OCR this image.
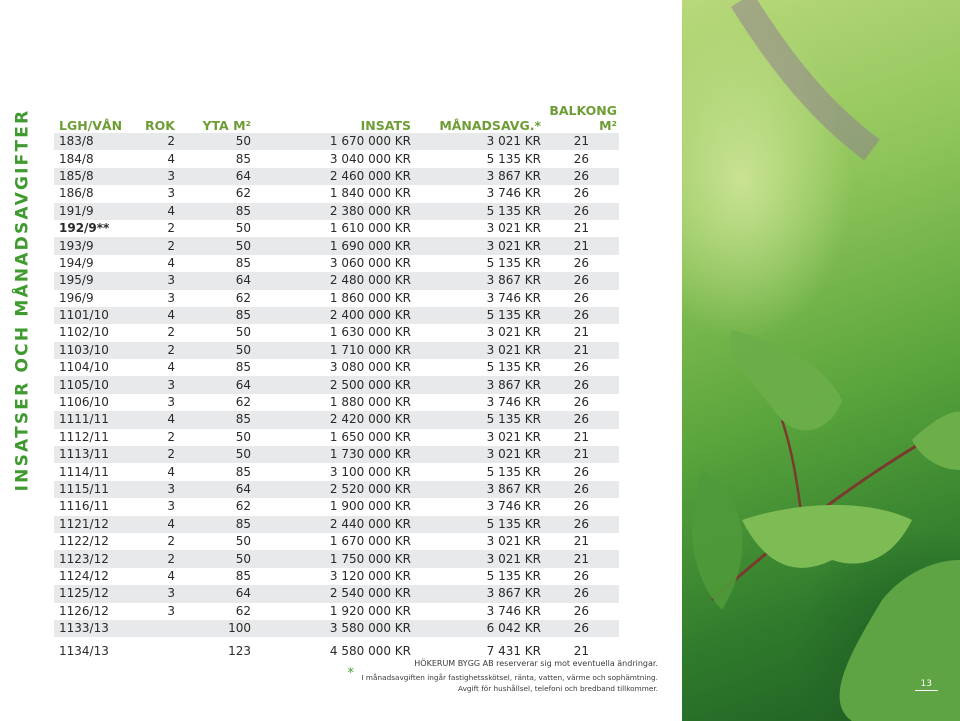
INSATSER OCH MÅNADSAVGIFTER LGH/VÅN	ROK	YTA M²	INSATS	MÅNADSAVG.*	BALKONG M²
183/8	2	50	1 670 000 KR	3 021 KR	21
184/8	4	85	3 040 000 KR	5 135 KR	26
185/8	3	64	2 460 000 KR	3 867 KR	26
186/8	3	62	1 840 000 KR	3 746 KR	26
191/9	4	85	2 380 000 KR	5 135 KR	26
192/9**	2	50	1 610 000 KR	3 021 KR	21
193/9	2	50	1 690 000 KR	3 021 KR	21
194/9	4	85	3 060 000 KR	5 135 KR	26
195/9	3	64	2 480 000 KR	3 867 KR	26
196/9	3	62	1 860 000 KR	3 746 KR	26
1101/10	4	85	2 400 000 KR	5 135 KR	26
1102/10	2	50	1 630 000 KR	3 021 KR	21
1103/10	2	50	1 710 000 KR	3 021 KR	21
1104/10	4	85	3 080 000 KR	5 135 KR	26
1105/10	3	64	2 500 000 KR	3 867 KR	26
1106/10	3	62	1 880 000 KR	3 746 KR	26
1111/11	4	85	2 420 000 KR	5 135 KR	26
1112/11	2	50	1 650 000 KR	3 021 KR	21
1113/11	2	50	1 730 000 KR	3 021 KR	21
1114/11	4	85	3 100 000 KR	5 135 KR	26
1115/11	3	64	2 520 000 KR	3 867 KR	26
1116/11	3	62	1 900 000 KR	3 746 KR	26
1121/12	4	85	2 440 000 KR	5 135 KR	26
1122/12	2	50	1 670 000 KR	3 021 KR	21
1123/12	2	50	1 750 000 KR	3 021 KR	21
1124/12	4	85	3 120 000 KR	5 135 KR	26
1125/12	3	64	2 540 000 KR	3 867 KR	26
1126/12	3	62	1 920 000 KR	3 746 KR	26
1133/13		100	3 580 000 KR	6 042 KR	26
1134/13		123	4 580 000 KR	7 431 KR	21
HÖKERUM BYGG AB reserverar sig mot eventuella ändringar.
* I månadsavgiften ingår fastighetsskötsel, ränta, vatten, värme och sophämtning.
Avgift för hushållsel, telefoni och bredband tillkommer.	13
